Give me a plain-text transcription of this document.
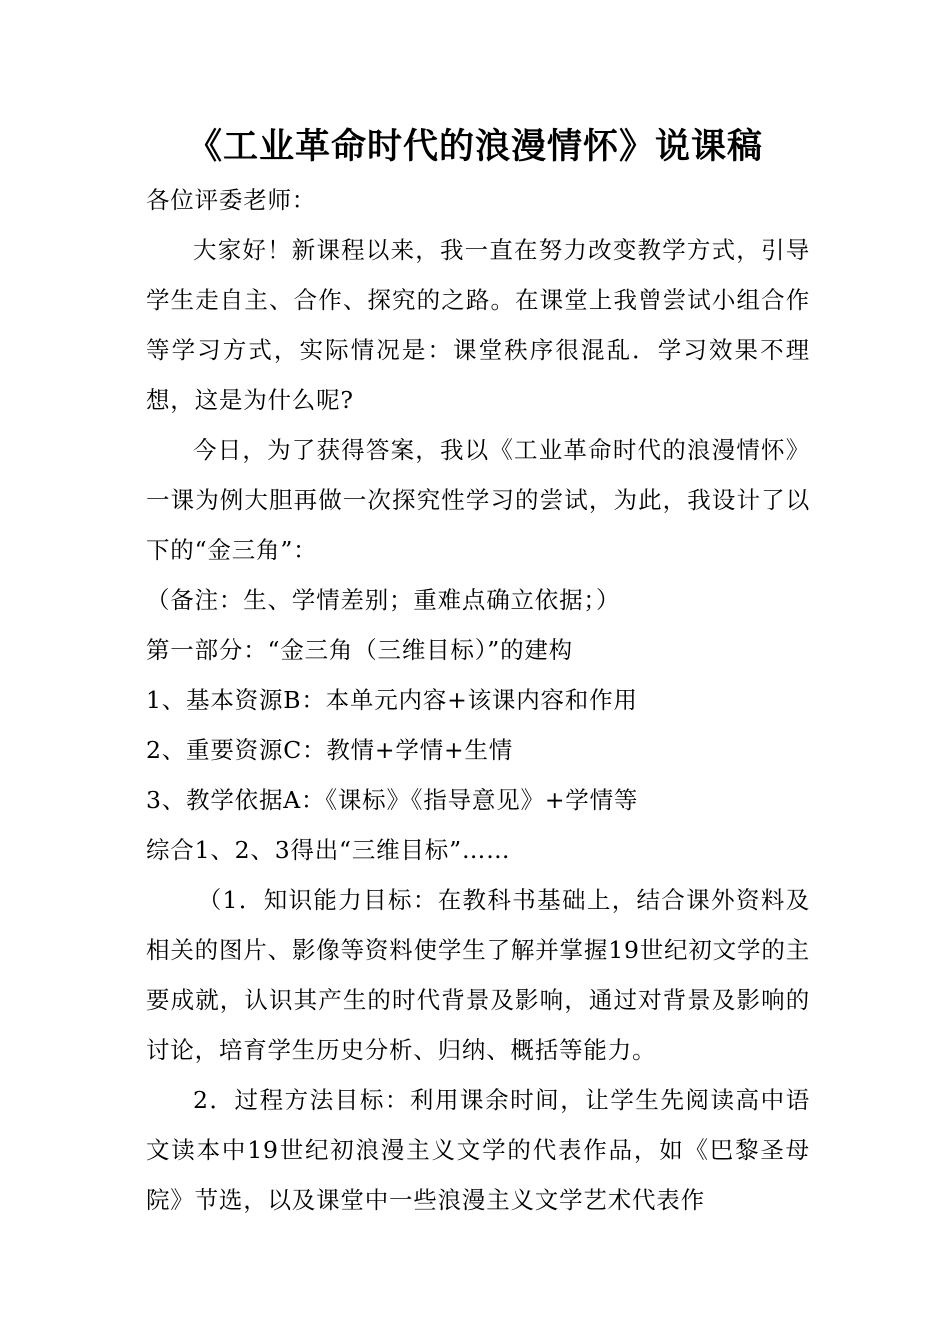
《工业革命时代的浪漫情怀》说课稿

各位评委老师：

大家好！新课程以来，我一直在努力改变教学方式，引导学生走自主、合作、探究的之路。在课堂上我曾尝试小组合作等学习方式，实际情况是：课堂秩序很混乱．学习效果不理想，这是为什么呢?

今日，为了获得答案，我以《工业革命时代的浪漫情怀》一课为例大胆再做一次探究性学习的尝试，为此，我设计了以下的“金三角”：

（备注：生、学情差别；重难点确立依据；）

第一部分：“金三角（三维目标）”的建构

1、基本资源B：本单元内容+该课内容和作用

2、重要资源C：教情+学情+生情

3、教学依据A：《课标》《指导意见》+学情等

综合1、2、3得出“三维目标”……

（1．知识能力目标：在教科书基础上，结合课外资料及相关的图片、影像等资料使学生了解并掌握19世纪初文学的主要成就，认识其产生的时代背景及影响，通过对背景及影响的讨论，培育学生历史分析、归纳、概括等能力。

2．过程方法目标：利用课余时间，让学生先阅读高中语文读本中19世纪初浪漫主义文学的代表作品，如《巴黎圣母院》节选，以及课堂中一些浪漫主义文学艺术代表作
